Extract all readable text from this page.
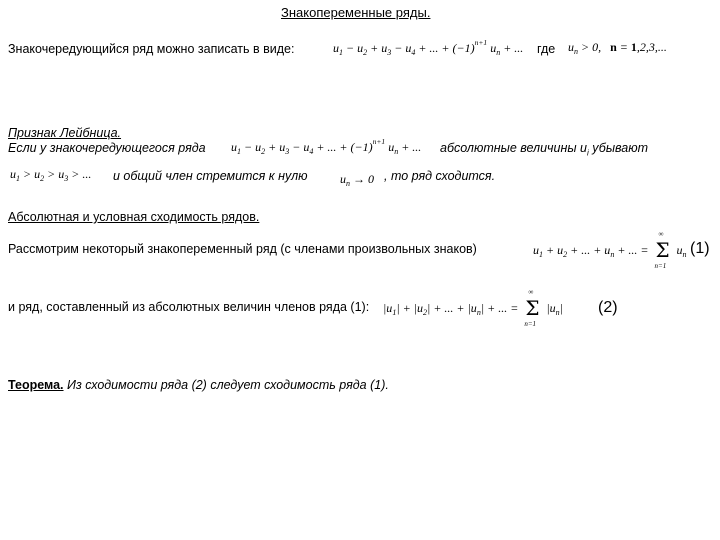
Знакопеременные ряды.
Знакочередующийся ряд можно записать в виде:	$u_1 - u_2 + u_3 - u_4$ + ... + $(-1)^{n+1}$ $u_n$ + ... где $u_n > 0$,   n = 1,2,3,...
Признак Лейбница.
Если у знакочередующегося ряда $u_1 - u_2 + u_3 - u_4$ + ... + $(-1)^{n+1}$ $u_n$ + ... абсолютные величины $u_i$ убывают
$u_1 > u_2 > u_3$ > ... и общий член стремится к нулю	$u_n \to 0$ , то ряд сходится.
Абсолютная и условная сходимость рядов.
Рассмотрим некоторый знакопеременный ряд (с членами произвольных знаков)	$u_1 + u_2$ + ... + $u_n$ + ... =
∞
Σ
n=1
$u_n$ (1)
и ряд, составленный из абсолютных величин членов ряда (1): $|u_1| + |u_2|$ + ... + $|u_n|$ + ... =
∞
Σ
n=1
$|u_n|$ (2)
Теорема. Из сходимости ряда (2) следует сходимость ряда (1).
